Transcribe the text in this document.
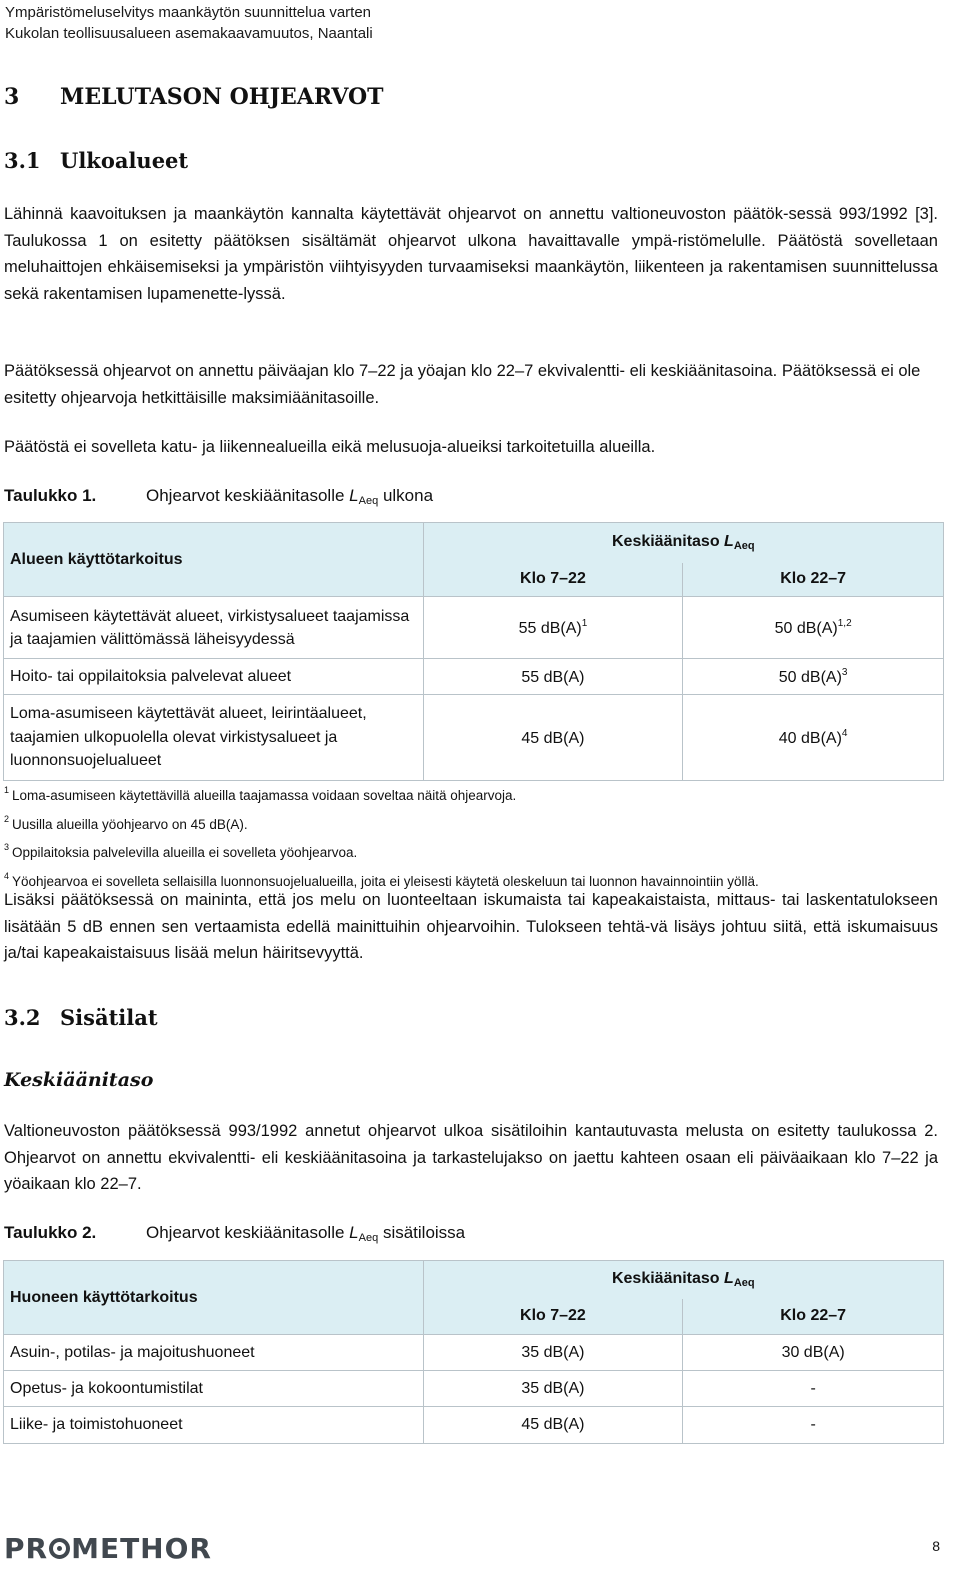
Ympäristömeluselvitys maankäytön suunnittelua varten
Kukolan teollisuusalueen asemakaavamuutos, Naantali
3 MELUTASON OHJEARVOT
3.1 Ulkoalueet

Lähinnä kaavoituksen ja maankäytön kannalta käytettävät ohjearvot on annettu valtioneuvoston päätök-sessä 993/1992 [3]. Taulukossa 1 on esitetty päätöksen sisältämät ohjearvot ulkona havaittavalle ympä-ristömelulle. Päätöstä sovelletaan meluhaittojen ehkäisemiseksi ja ympäristön viihtyisyyden turvaamiseksi maankäytön, liikenteen ja rakentamisen suunnittelussa sekä rakentamisen lupamenette-lyssä.

Päätöksessä ohjearvot on annettu päiväajan klo 7–22 ja yöajan klo 22–7 ekvivalentti- eli keskiäänitasoina. Päätöksessä ei ole esitetty ohjearvoja hetkittäisille maksimiäänitasoille.

Päätöstä ei sovelleta katu- ja liikennealueilla eikä melusuoja-alueiksi tarkoitetuilla alueilla.

Taulukko 1.	Ohjearvot keskiäänitasolle $L_{Aeq}$ ulkona
Alueen käyttötarkoitus	Keskiäänitaso $L_{Aeq}$
	Klo 7–22	Klo 22–7
Asumiseen käytettävät alueet, virkistysalueet taajamissa ja taajamien välittömässä läheisyydessä	55 $dB(A)^1$	50 $dB(A)^{1,2}$
Hoito- tai oppilaitoksia palvelevat alueet	55 dB(A)	50 $dB(A)^3$
Loma-asumiseen käytettävät alueet, leirintäalueet, taajamien ulkopuolella olevat virkistysalueet ja luonnonsuojelualueet	45 dB(A)	40 $dB(A)^4$
$^1$ Loma-asumiseen käytettävillä alueilla taajamassa voidaan soveltaa näitä ohjearvoja.
$^2$ Uusilla alueilla yöohjearvo on 45 dB(A).
$^3$ Oppilaitoksia palvelevilla alueilla ei sovelleta yöohjearvoa.
$^4$ Yöohjearvoa ei sovelleta sellaisilla luonnonsuojelualueilla, joita ei yleisesti käytetä oleskeluun tai luonnon havainnointiin yöllä.

Lisäksi päätöksessä on maininta, että jos melu on luonteeltaan iskumaista tai kapeakaistaista, mittaus- tai laskentatulokseen lisätään 5 dB ennen sen vertaamista edellä mainittuihin ohjearvoihin. Tulokseen tehtä-vä lisäys johtuu siitä, että iskumaisuus ja/tai kapeakaistaisuus lisää melun häiritsevyyttä.

3.2 Sisätilat
Keskiäänitaso

Valtioneuvoston päätöksessä 993/1992 annetut ohjearvot ulkoa sisätiloihin kantautuvasta melusta on esitetty taulukossa 2. Ohjearvot on annettu ekvivalentti- eli keskiäänitasoina ja tarkastelujakso on jaettu kahteen osaan eli päiväaikaan klo 7–22 ja yöaikaan klo 22–7.

Taulukko 2.	Ohjearvot keskiäänitasolle $L_{Aeq}$ sisätiloissa
Huoneen käyttötarkoitus	Keskiäänitaso $L_{Aeq}$
	Klo 7–22	Klo 22–7
Asuin-, potilas- ja majoitushuoneet	35 dB(A)	30 dB(A)
Opetus- ja kokoontumistilat	35 dB(A)	-
Liike- ja toimistohuoneet	45 dB(A)	-
PR METHOR	8
